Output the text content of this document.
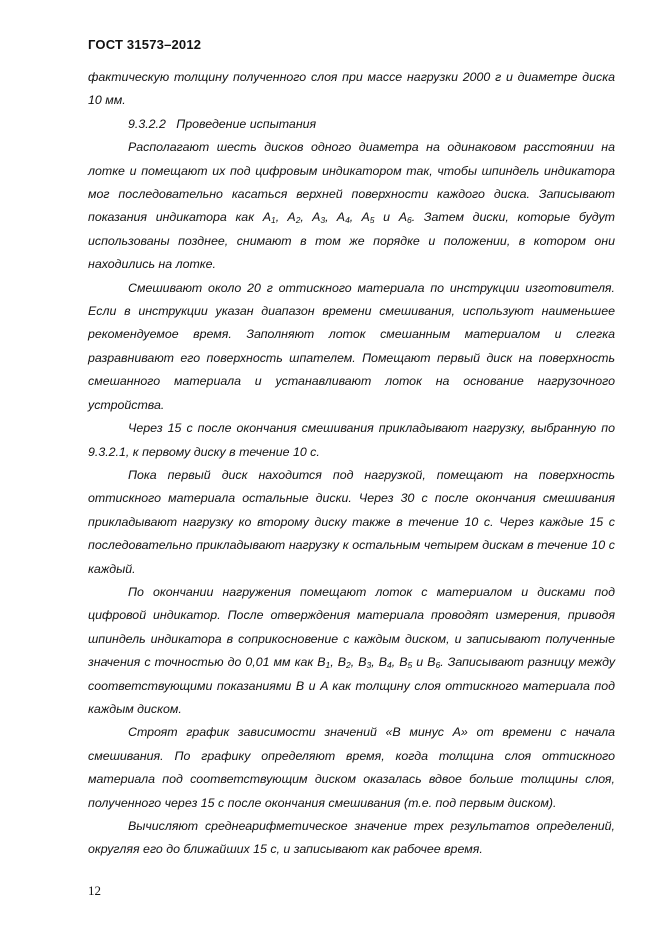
ГОСТ 31573–2012

фактическую толщину полученного слоя при массе нагрузки 2000 г и диаметре диска 10 мм.

9.3.2.2 Проведение испытания

Располагают шесть дисков одного диаметра на одинаковом расстоянии на лотке и помещают их под цифровым индикатором так, чтобы шпиндель индикатора мог последовательно касаться верхней поверхности каждого диска. Записывают показания индикатора как $A_1$, $A_2$, $A_3$, $A_4$, $A_5$ и $A_6$. Затем диски, которые будут использованы позднее, снимают в том же порядке и положении, в котором они находились на лотке.

Смешивают около 20 г оттискного материала по инструкции изготовителя. Если в инструкции указан диапазон времени смешивания, используют наименьшее рекомендуемое время. Заполняют лоток смешанным материалом и слегка разравнивают его поверхность шпателем. Помещают первый диск на поверхность смешанного материала и устанавливают лоток на основание нагрузочного устройства.

Через 15 с после окончания смешивания прикладывают нагрузку, выбранную по 9.3.2.1, к первому диску в течение 10 с.

Пока первый диск находится под нагрузкой, помещают на поверхность оттискного материала остальные диски. Через 30 с после окончания смешивания прикладывают нагрузку ко второму диску также в течение 10 с. Через каждые 15 с последовательно прикладывают нагрузку к остальным четырем дискам в течение 10 с каждый.

По окончании нагружения помещают лоток с материалом и дисками под цифровой индикатор. После отверждения материала проводят измерения, приводя шпиндель индикатора в соприкосновение с каждым диском, и записывают полученные значения с точностью до 0,01 мм как $B_1$, $B_2$, $B_3$, $B_4$, $B_5$ и $B_6$. Записывают разницу между соответствующими показаниями B и A как толщину слоя оттискного материала под каждым диском.

Строят график зависимости значений «B минус A» от времени с начала смешивания. По графику определяют время, когда толщина слоя оттискного материала под соответствующим диском оказалась вдвое больше толщины слоя, полученного через 15 с после окончания смешивания (т.е. под первым диском).

Вычисляют среднеарифметическое значение трех результатов определений, округляя его до ближайших 15 с, и записывают как рабочее время.

12
